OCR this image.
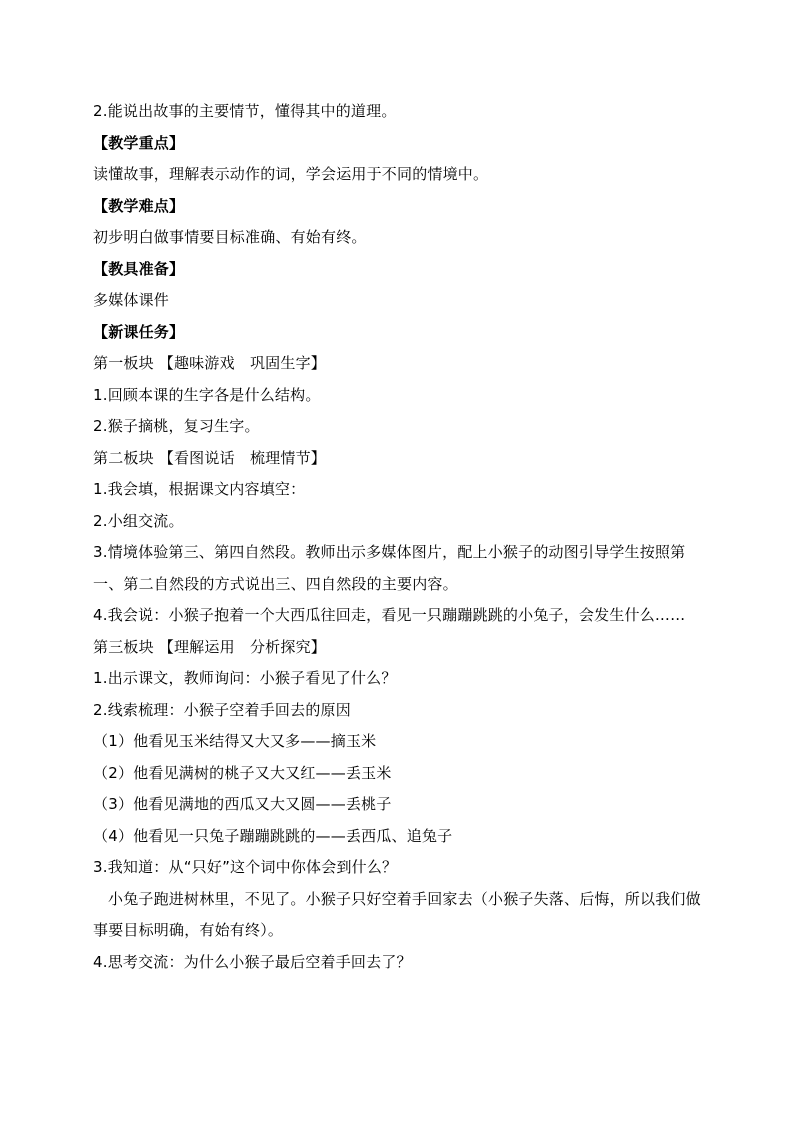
2.能说出故事的主要情节，懂得其中的道理。
【教学重点】
读懂故事，理解表示动作的词，学会运用于不同的情境中。
【教学难点】
初步明白做事情要目标准确、有始有终。
【教具准备】
多媒体课件
【新课任务】
第一板块 【趣味游戏　巩固生字】
1.回顾本课的生字各是什么结构。
2.猴子摘桃，复习生字。
第二板块 【看图说话　梳理情节】
1.我会填，根据课文内容填空：
2.小组交流。
3.情境体验第三、第四自然段。教师出示多媒体图片，配上小猴子的动图引导学生按照第一、第二自然段的方式说出三、四自然段的主要内容。
4.我会说：小猴子抱着一个大西瓜往回走，看见一只蹦蹦跳跳的小兔子，会发生什么……
第三板块 【理解运用　分析探究】
1.出示课文，教师询问：小猴子看见了什么？
2.线索梳理：小猴子空着手回去的原因
（1）他看见玉米结得又大又多——摘玉米
（2）他看见满树的桃子又大又红——丢玉米
（3）他看见满地的西瓜又大又圆——丢桃子
（4）他看见一只兔子蹦蹦跳跳的——丢西瓜、追兔子
3.我知道：从“只好”这个词中你体会到什么？
小兔子跑进树林里，不见了。小猴子只好空着手回家去（小猴子失落、后悔，所以我们做事要目标明确，有始有终）。
4.思考交流：为什么小猴子最后空着手回去了？
